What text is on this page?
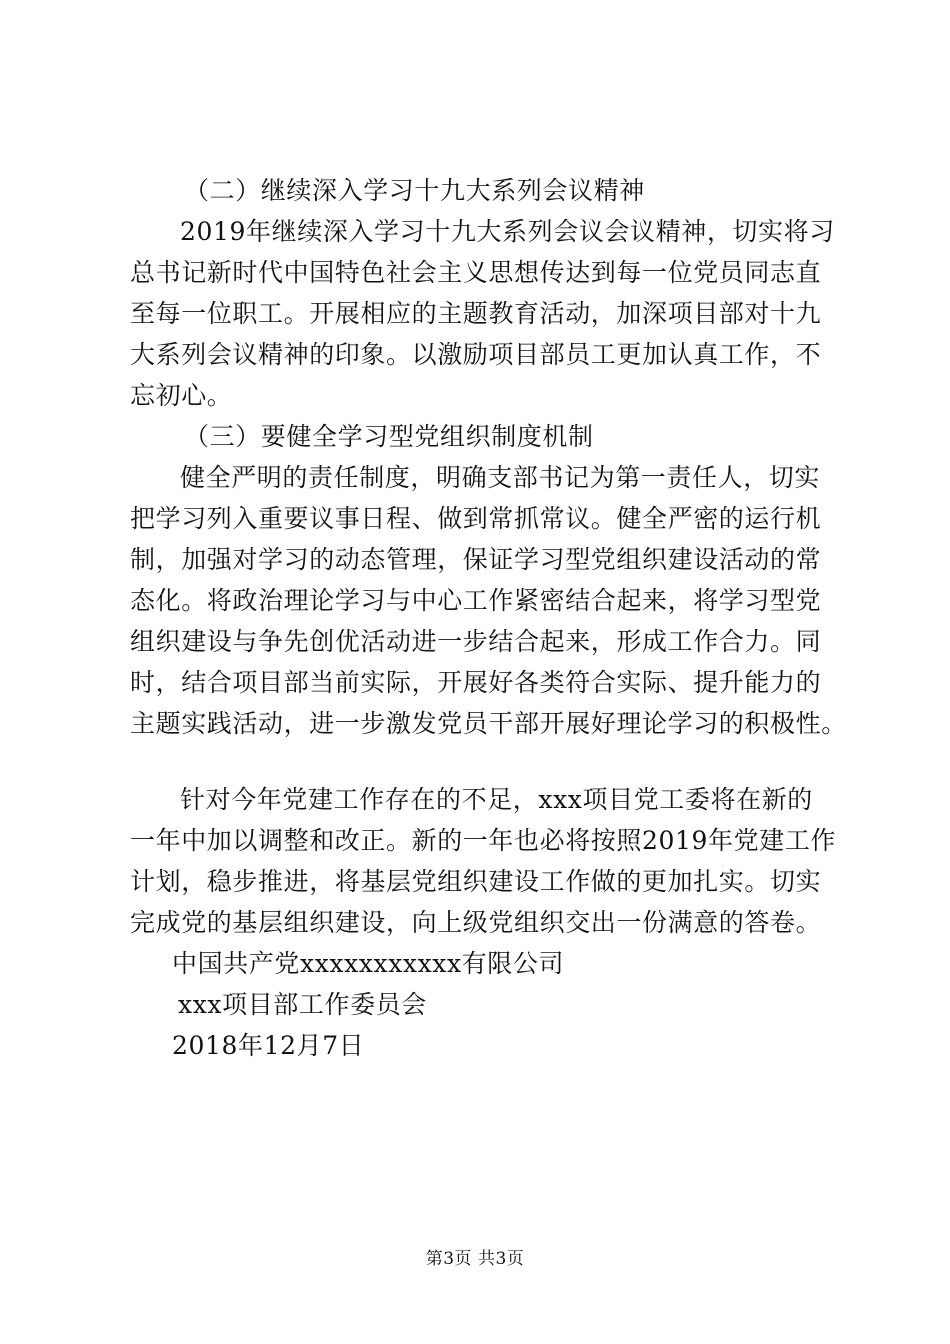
（二）继续深入学习十九大系列会议精神
2019年继续深入学习十九大系列会议会议精神，切实将习
总书记新时代中国特色社会主义思想传达到每一位党员同志直
至每一位职工。开展相应的主题教育活动，加深项目部对十九
大系列会议精神的印象。以激励项目部员工更加认真工作，不
忘初心。
（三）要健全学习型党组织制度机制
健全严明的责任制度，明确支部书记为第一责任人，切实
把学习列入重要议事日程、做到常抓常议。健全严密的运行机
制，加强对学习的动态管理，保证学习型党组织建设活动的常
态化。将政治理论学习与中心工作紧密结合起来，将学习型党
组织建设与争先创优活动进一步结合起来，形成工作合力。同
时，结合项目部当前实际，开展好各类符合实际、提升能力的
主题实践活动，进一步激发党员干部开展好理论学习的积极性。
针对今年党建工作存在的不足，xxx项目党工委将在新的
一年中加以调整和改正。新的一年也必将按照2019年党建工作
计划，稳步推进，将基层党组织建设工作做的更加扎实。切实
完成党的基层组织建设，向上级党组织交出一份满意的答卷。
中国共产党xxxxxxxxxxx有限公司
xxx项目部工作委员会
2018年12月7日
第3页 共3页
